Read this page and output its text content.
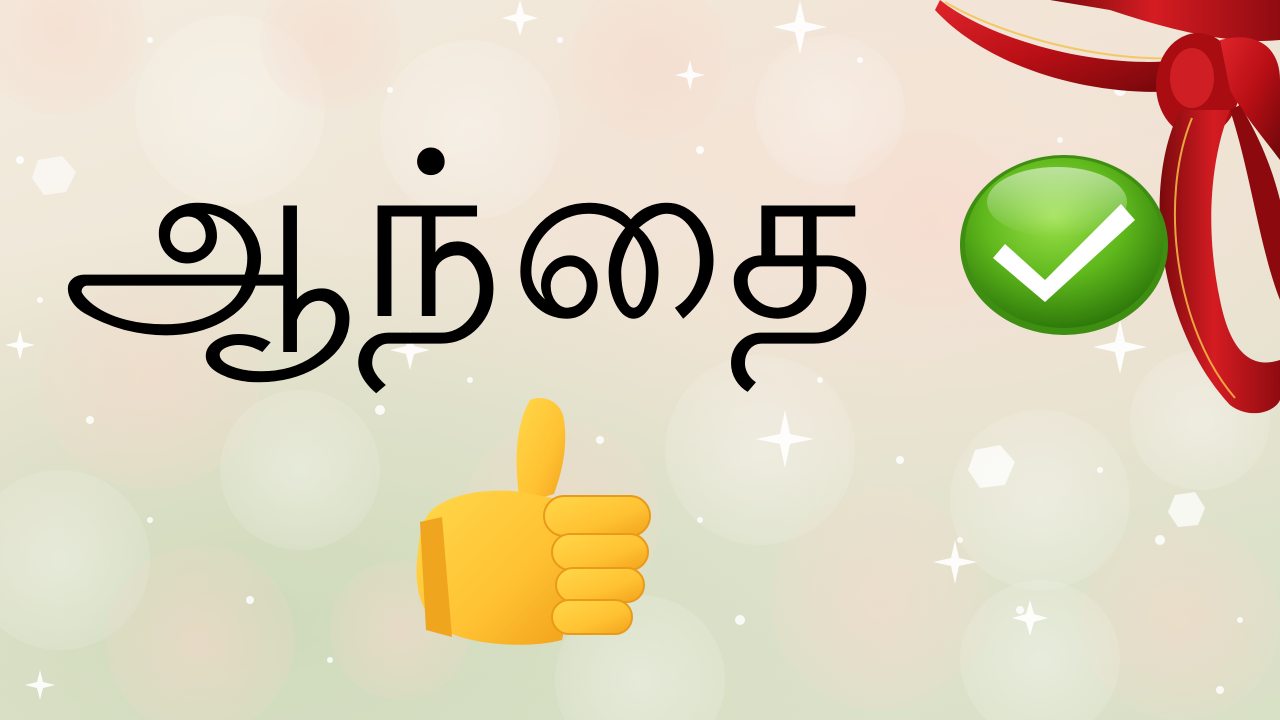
ஆந்தை
